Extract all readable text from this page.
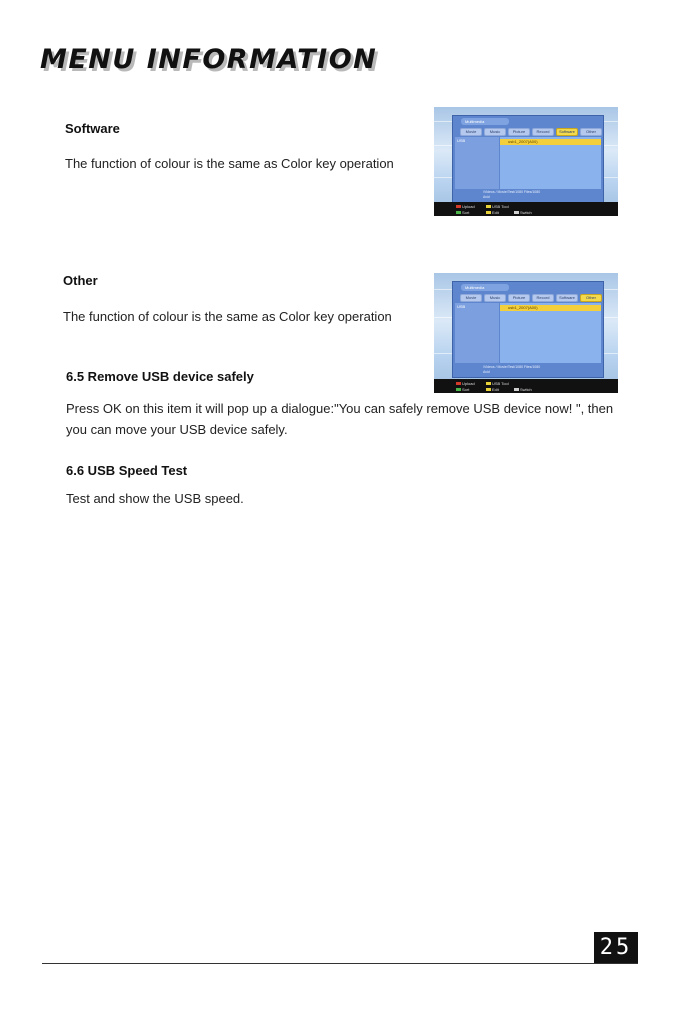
MENU INFORMATION

Software

The function of colour is the same as Color key operation

Multimedia
Movie	Music	Picture	Record	Software	Other
USB	usb1_2007(A00)
/Videos / Movie/Test/1080 Files/1080
Avid
Upload	USB Tool
Sort	Edit	Switch

Other

The function of colour is the same as Color key operation

Multimedia
Movie	Music	Picture	Record	Software	Other
USB	usb1_2007(A00)
/Videos / Movie/Test/1080 Files/1080
Avid
Upload	USB Tool
Sort	Edit	Switch

6.5 Remove USB device safely

Press OK on this item it will pop up a dialogue:"You can safely remove USB device now! ", then you can move your USB device safely.

6.6 USB Speed Test

Test and show the USB speed.

25
